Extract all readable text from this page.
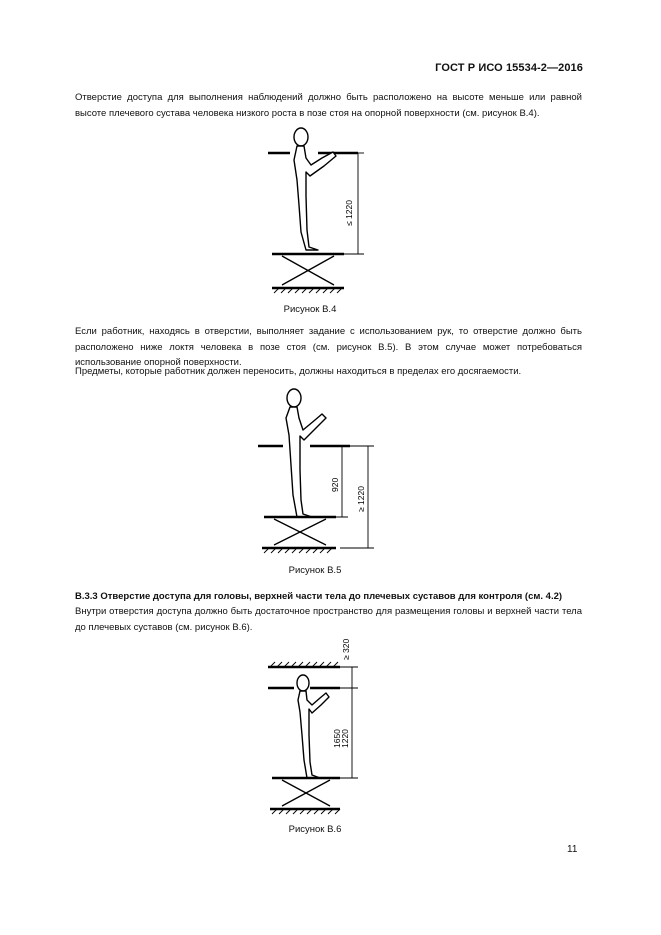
ГОСТ Р ИСО 15534-2—2016
Отверстие доступа для выполнения наблюдений должно быть расположено на высоте меньше или равной высоте плечевого сустава человека низкого роста в позе стоя на опорной поверхности (см. рисунок В.4).
≤ 1220
Рисунок В.4
Если работник, находясь в отверстии, выполняет задание с использованием рук, то отверстие должно быть расположено ниже локтя человека в позе стоя (см. рисунок В.5). В этом случае может потребоваться использование опорной поверхности.
Предметы, которые работник должен переносить, должны находиться в пределах его досягаемости.
920
≥ 1220
Рисунок В.5
В.3.3 Отверстие доступа для головы, верхней части тела до плечевых суставов для контроля (см. 4.2)
Внутри отверстия доступа должно быть достаточное пространство для размещения головы и верхней части тела до плечевых суставов (см. рисунок В.6).
≥ 320
1650
1220
Рисунок В.6
11
